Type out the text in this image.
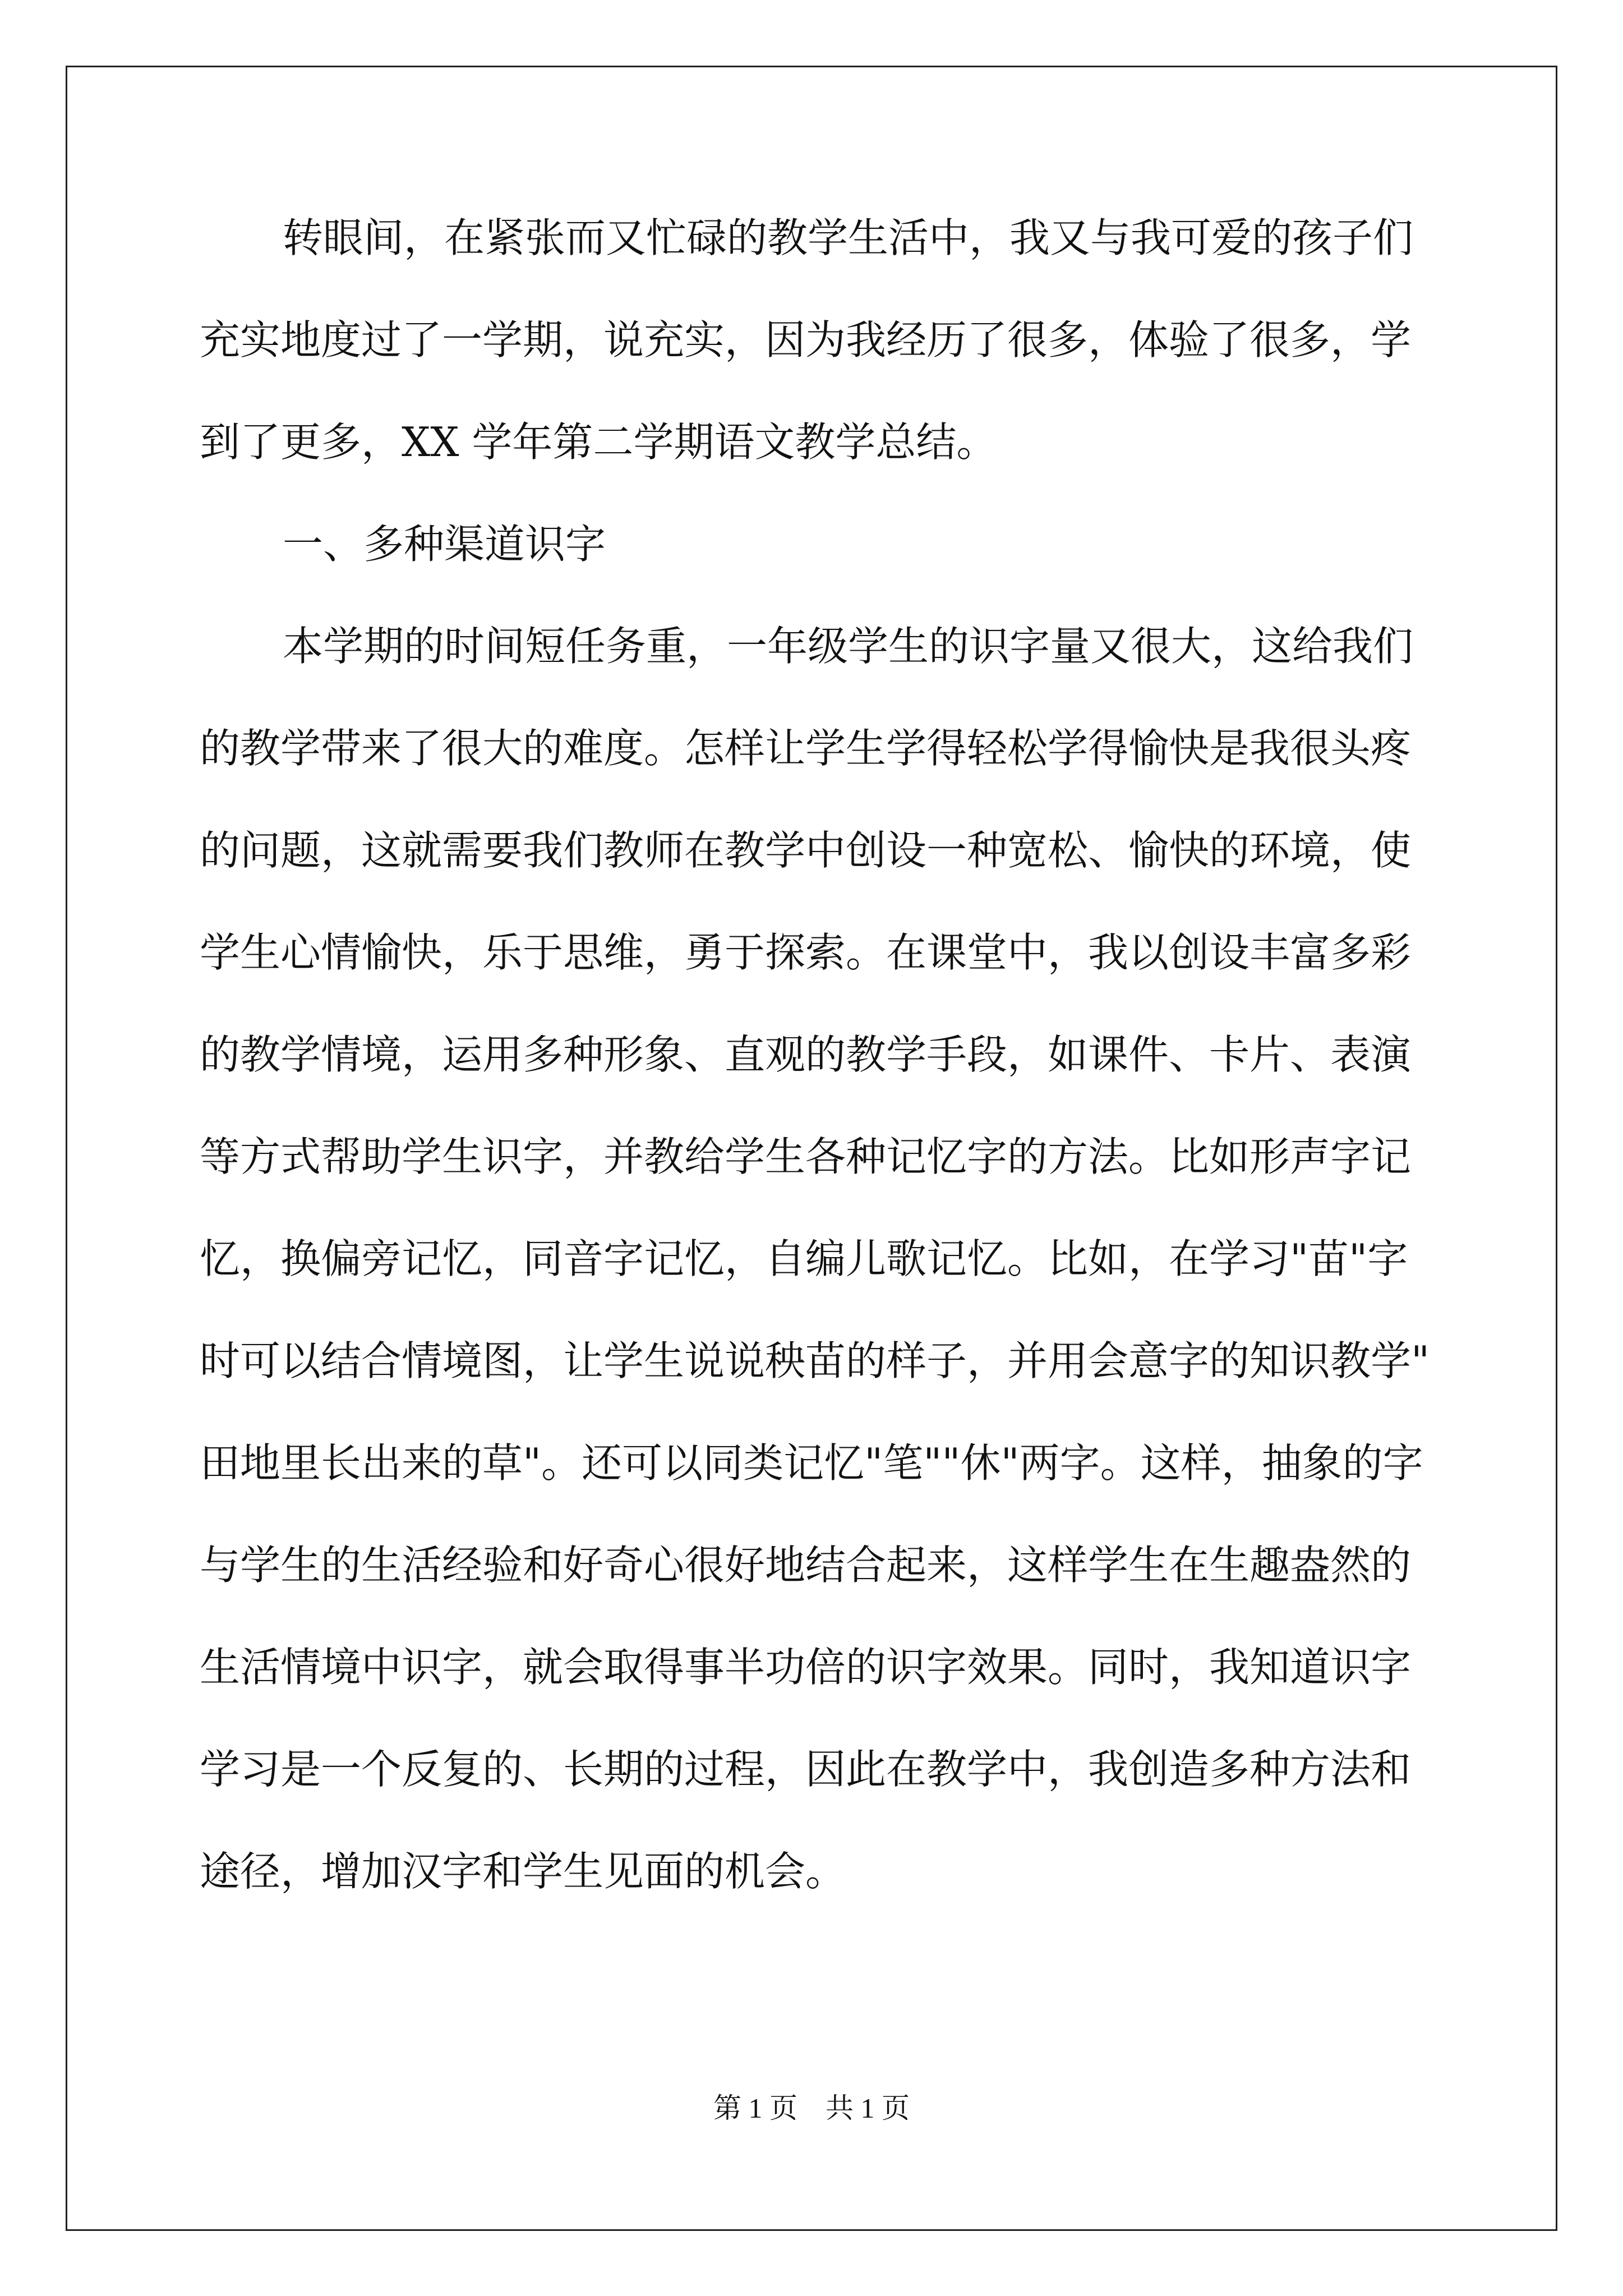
转眼间，在紧张而又忙碌的教学生活中，我又与我可爱的孩子们
充实地度过了一学期，说充实，因为我经历了很多，体验了很多，学
到了更多，XX 学年第二学期语文教学总结。
一、多种渠道识字
本学期的时间短任务重，一年级学生的识字量又很大，这给我们
的教学带来了很大的难度。怎样让学生学得轻松学得愉快是我很头疼
的问题，这就需要我们教师在教学中创设一种宽松、愉快的环境，使
学生心情愉快，乐于思维，勇于探索。在课堂中，我以创设丰富多彩
的教学情境，运用多种形象、直观的教学手段，如课件、卡片、表演
等方式帮助学生识字，并教给学生各种记忆字的方法。比如形声字记
忆，换偏旁记忆，同音字记忆，自编儿歌记忆。比如，在学习"苗"字
时可以结合情境图，让学生说说秧苗的样子，并用会意字的知识教学"
田地里长出来的草"。还可以同类记忆"笔""休"两字。这样，抽象的字
与学生的生活经验和好奇心很好地结合起来，这样学生在生趣盎然的
生活情境中识字，就会取得事半功倍的识字效果。同时，我知道识字
学习是一个反复的、长期的过程，因此在教学中，我创造多种方法和
途径，增加汉字和学生见面的机会。
第 1 页　共 1 页
